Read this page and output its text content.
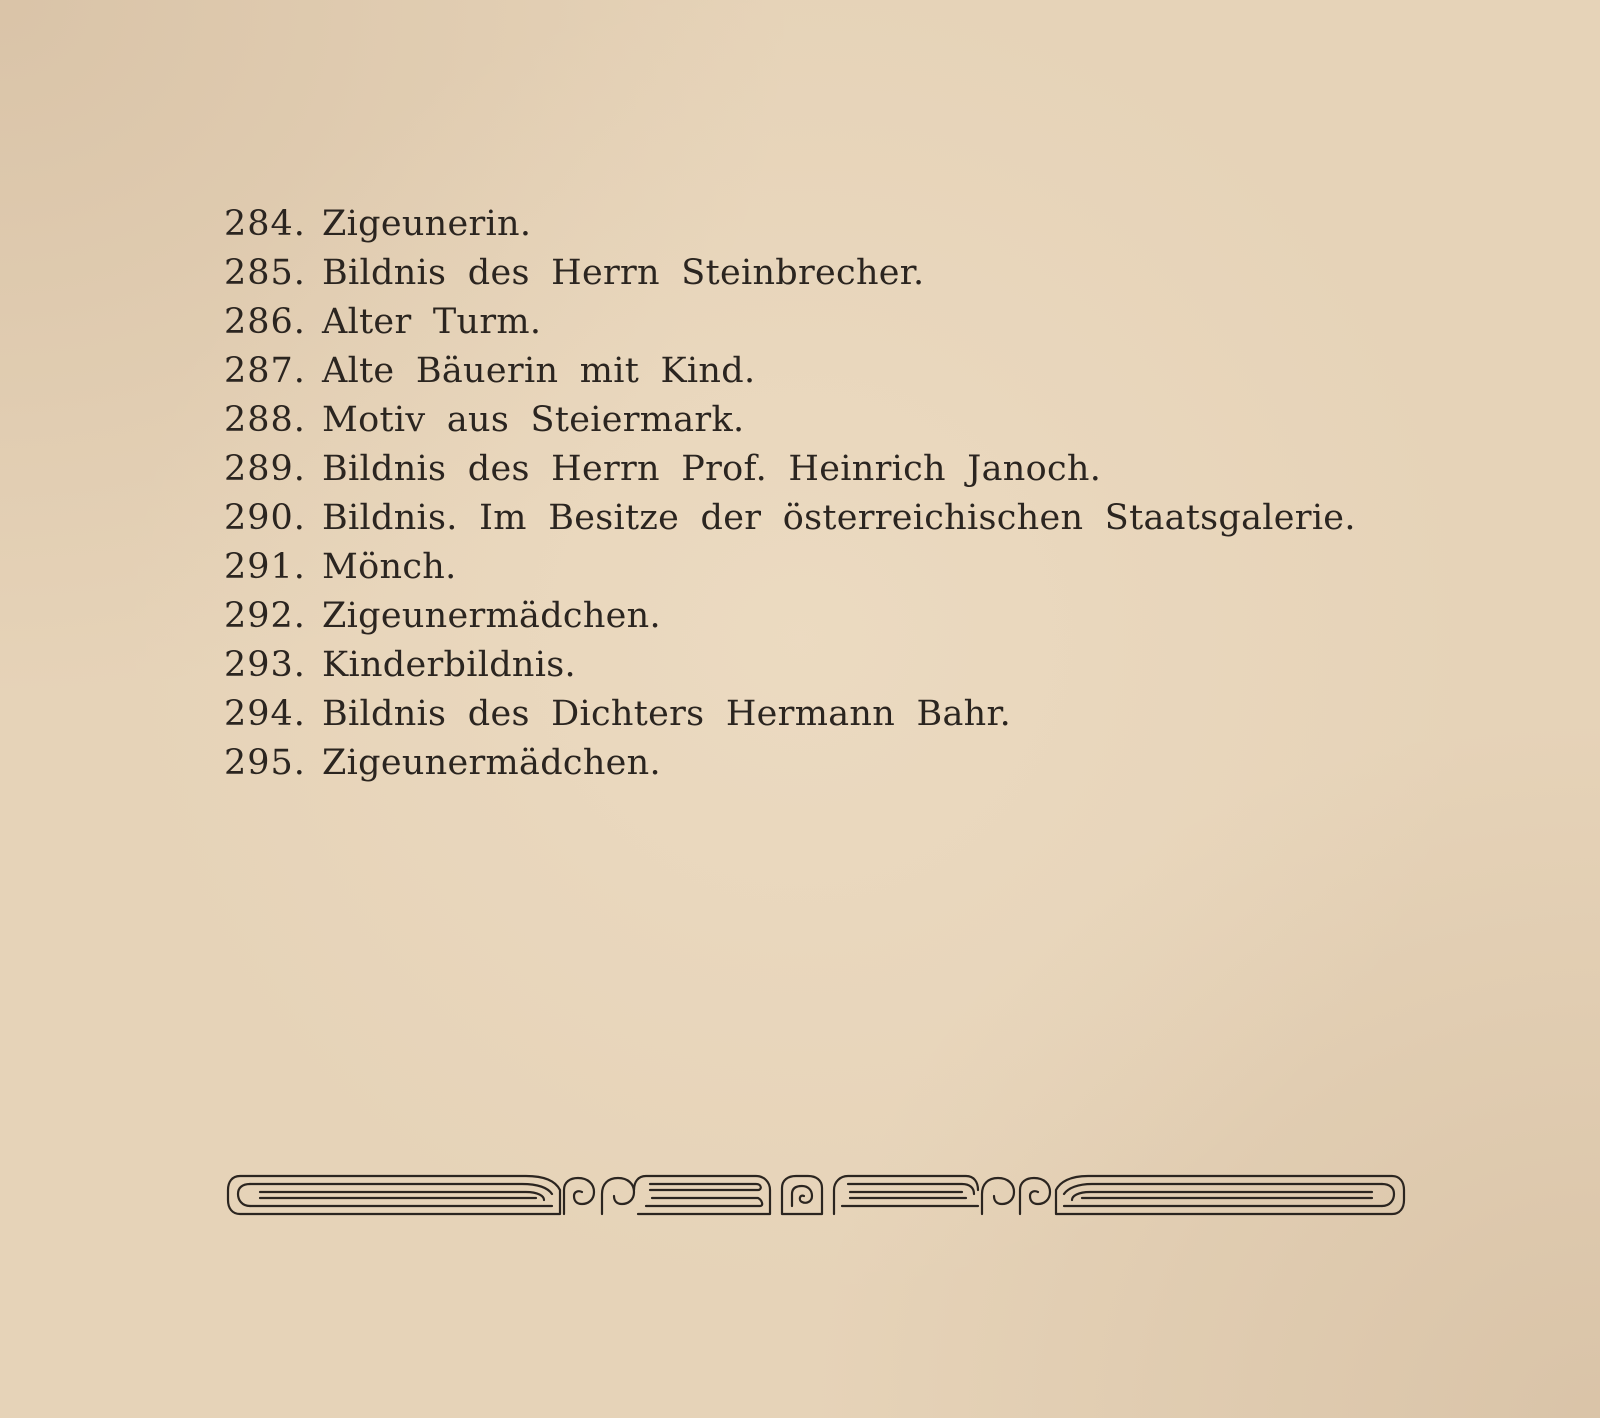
284. Zigeunerin.
285. Bildnis des Herrn Steinbrecher.
286. Alter Turm.
287. Alte Bäuerin mit Kind.
288. Motiv aus Steiermark.
289. Bildnis des Herrn Prof. Heinrich Janoch.
290. Bildnis. Im Besitze der österreichischen Staatsgalerie.
291. Mönch.
292. Zigeunermädchen.
293. Kinderbildnis.
294. Bildnis des Dichters Hermann Bahr.
295. Zigeunermädchen.
